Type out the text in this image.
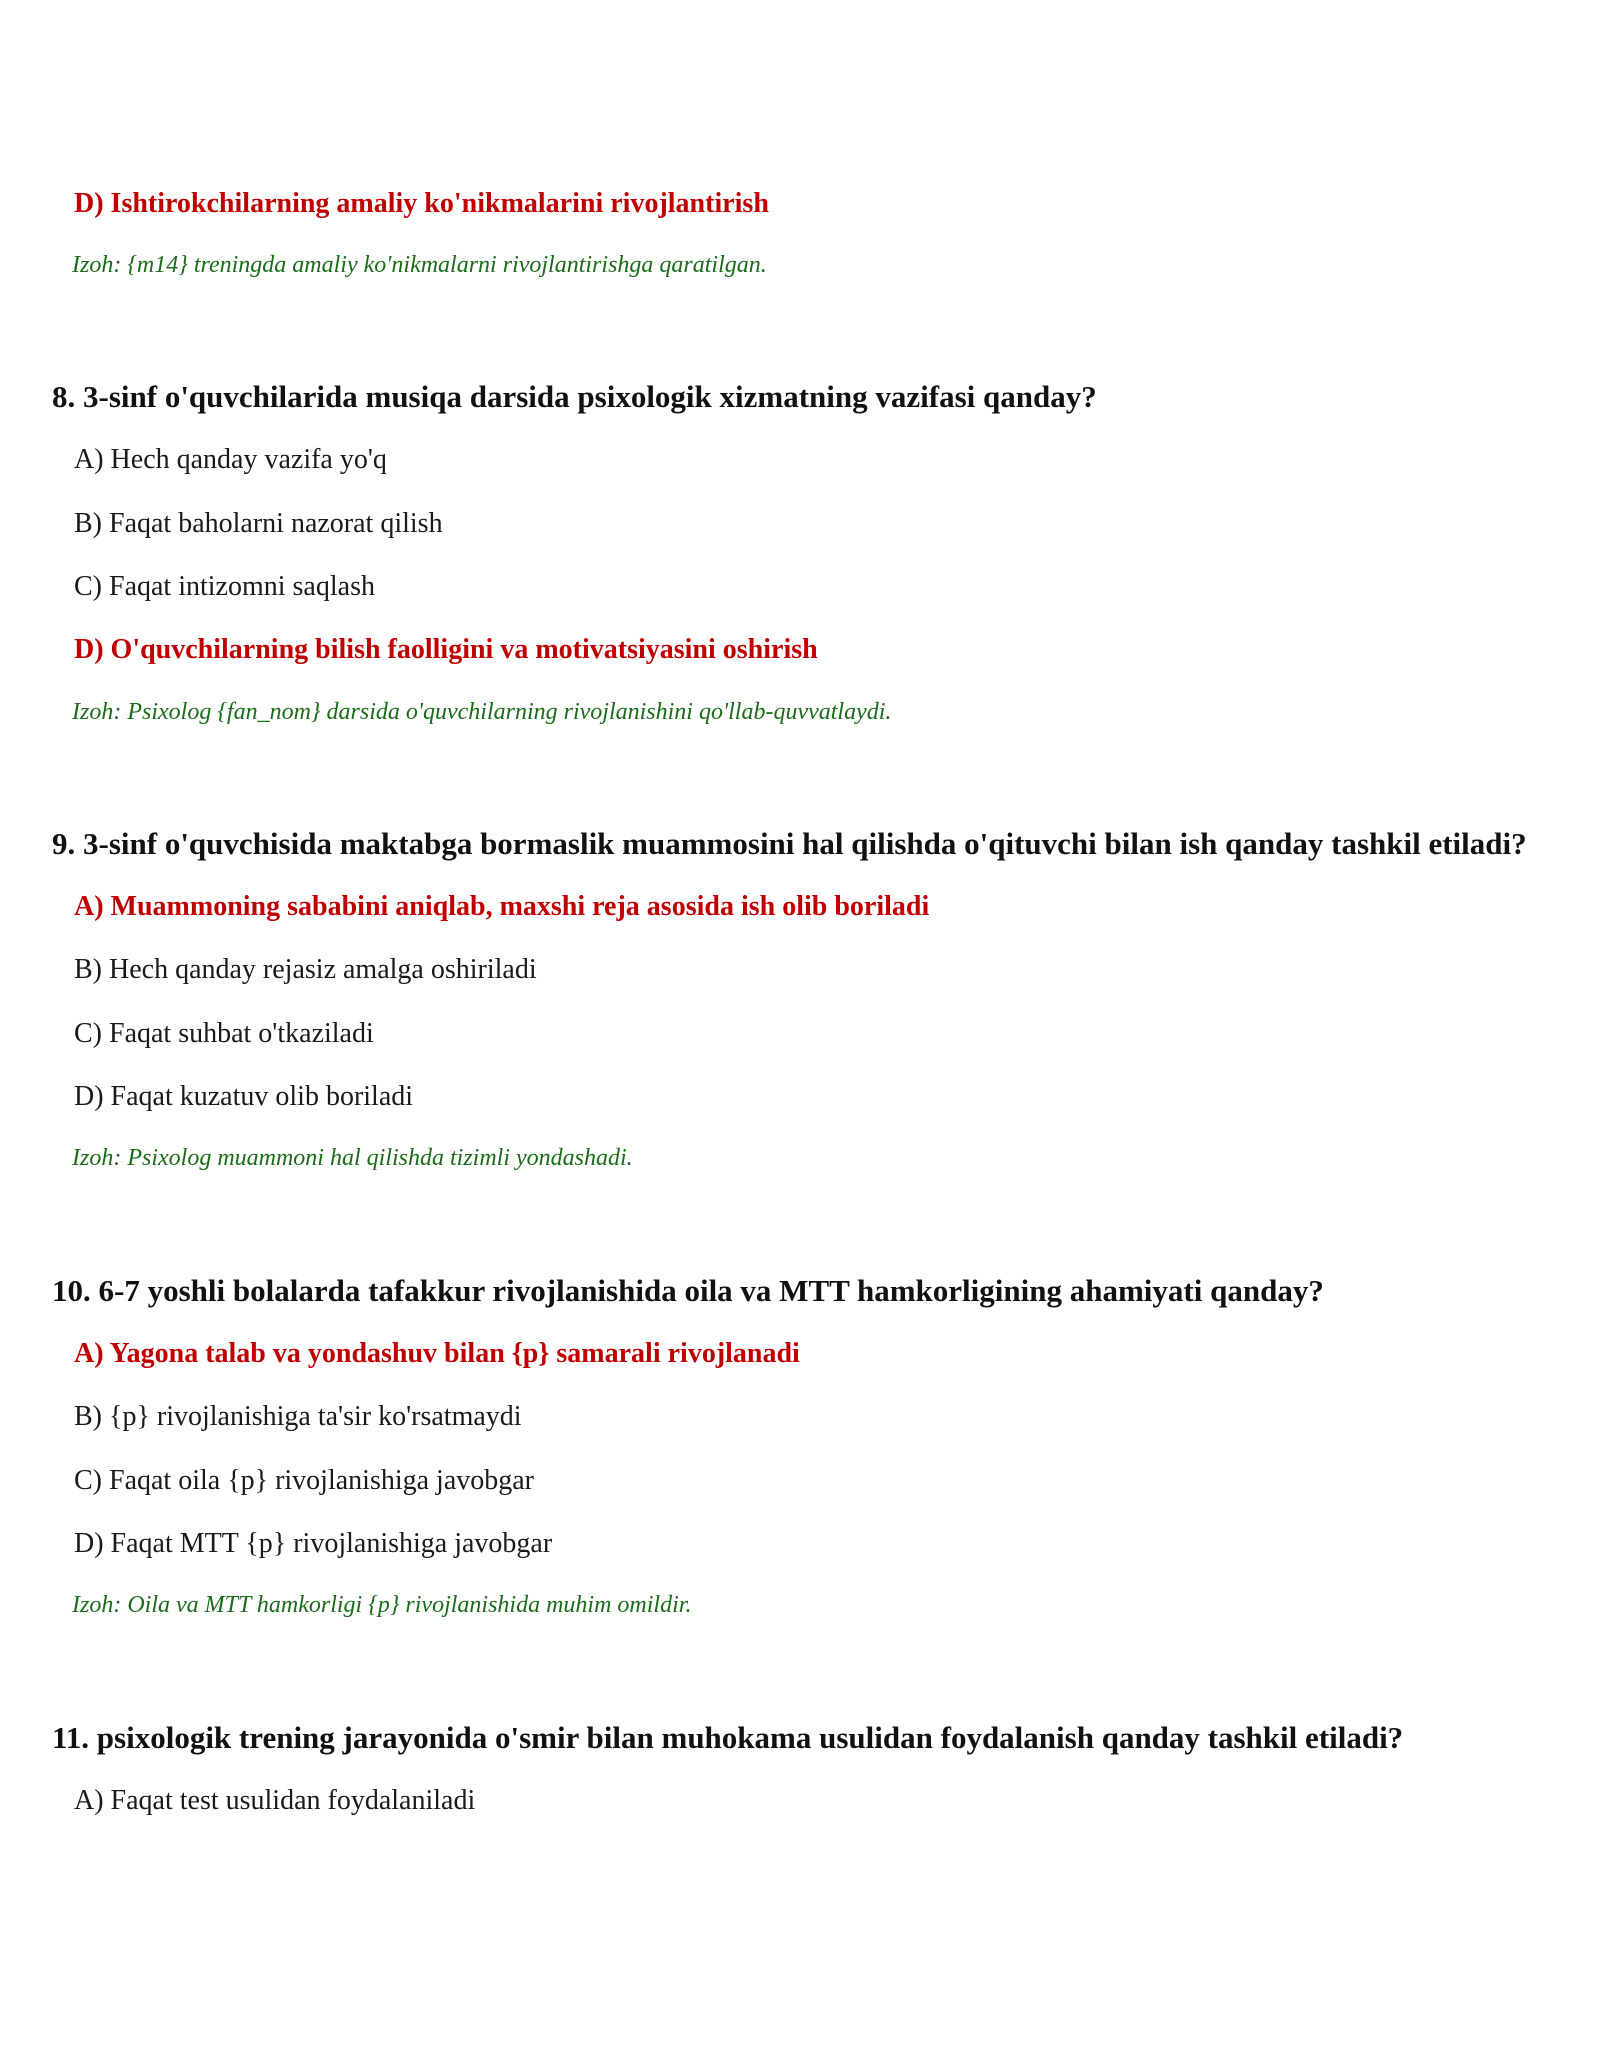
D) Ishtirokchilarning amaliy ko'nikmalarini rivojlantirish
Izoh: {m14} treningda amaliy ko'nikmalarni rivojlantirishga qaratilgan.
8. 3-sinf o'quvchilarida musiqa darsida psixologik xizmatning vazifasi qanday?
A) Hech qanday vazifa yo'q
B) Faqat baholarni nazorat qilish
C) Faqat intizomni saqlash
D) O'quvchilarning bilish faolligini va motivatsiyasini oshirish
Izoh: Psixolog {fan_nom} darsida o'quvchilarning rivojlanishini qo'llab-quvvatlaydi.
9. 3-sinf o'quvchisida maktabga bormaslik muammosini hal qilishda o'qituvchi bilan ish qanday tashkil etiladi?
A) Muammoning sababini aniqlab, maxshi reja asosida ish olib boriladi
B) Hech qanday rejasiz amalga oshiriladi
C) Faqat suhbat o'tkaziladi
D) Faqat kuzatuv olib boriladi
Izoh: Psixolog muammoni hal qilishda tizimli yondashadi.
10. 6-7 yoshli bolalarda tafakkur rivojlanishida oila va MTT hamkorligining ahamiyati qanday?
A) Yagona talab va yondashuv bilan {p} samarali rivojlanadi
B) {p} rivojlanishiga ta'sir ko'rsatmaydi
C) Faqat oila {p} rivojlanishiga javobgar
D) Faqat MTT {p} rivojlanishiga javobgar
Izoh: Oila va MTT hamkorligi {p} rivojlanishida muhim omildir.
11. psixologik trening jarayonida o'smir bilan muhokama usulidan foydalanish qanday tashkil etiladi?
A) Faqat test usulidan foydalaniladi
